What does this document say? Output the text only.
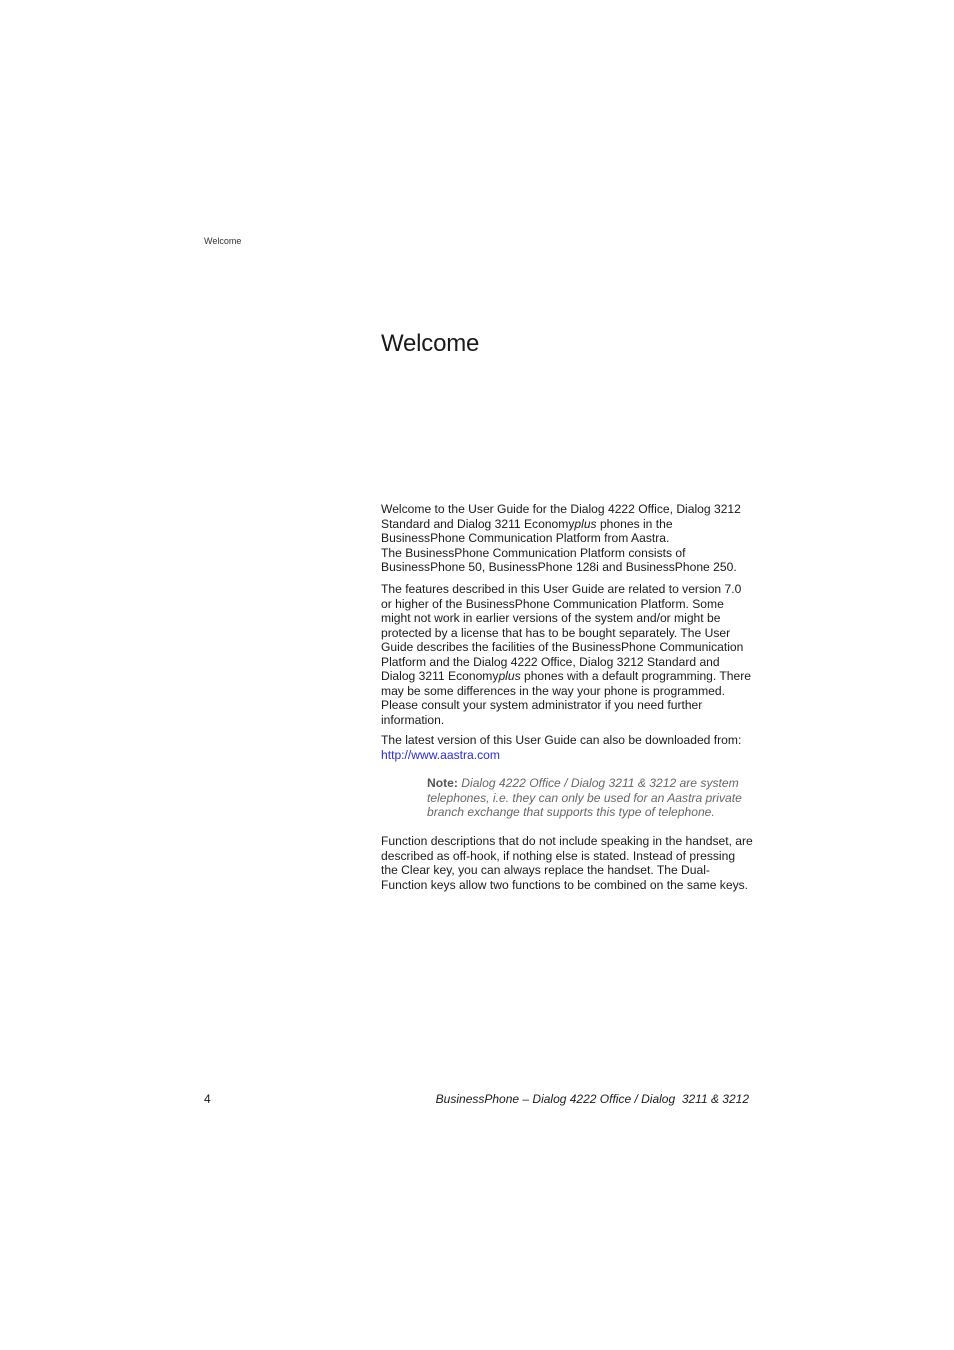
Welcome
Welcome

Welcome to the User Guide for the Dialog 4222 Office, Dialog 3212 Standard and Dialog 3211 Economyplus phones in the BusinessPhone Communication Platform from Aastra.
The BusinessPhone Communication Platform consists of BusinessPhone 50, BusinessPhone 128i and BusinessPhone 250.

The features described in this User Guide are related to version 7.0 or higher of the BusinessPhone Communication Platform. Some might not work in earlier versions of the system and/or might be protected by a license that has to be bought separately. The User Guide describes the facilities of the BusinessPhone Communication Platform and the Dialog 4222 Office, Dialog 3212 Standard and Dialog 3211 Economyplus phones with a default programming. There may be some differences in the way your phone is programmed. Please consult your system administrator if you need further information.

The latest version of this User Guide can also be downloaded from:
http://www.aastra.com

Note: Dialog 4222 Office / Dialog 3211 & 3212 are system telephones, i.e. they can only be used for an Aastra private branch exchange that supports this type of telephone.

Function descriptions that do not include speaking in the handset, are described as off-hook, if nothing else is stated. Instead of pressing the Clear key, you can always replace the handset. The Dual-Function keys allow two functions to be combined on the same keys.

4	BusinessPhone – Dialog 4222 Office / Dialog  3211 & 3212
